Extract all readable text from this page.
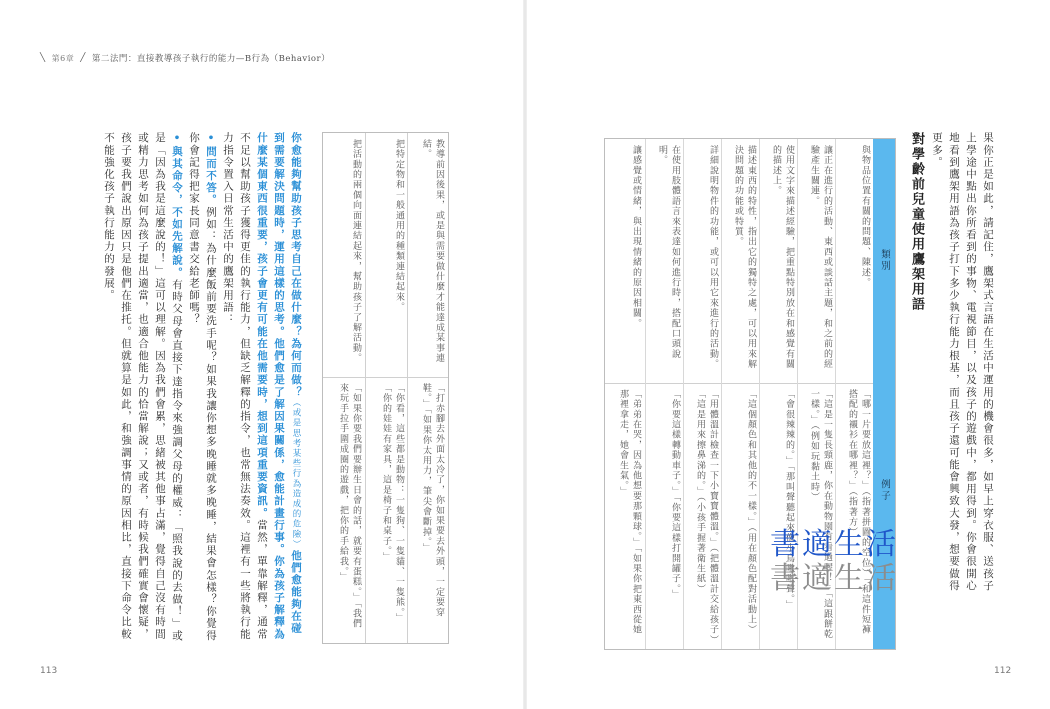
╲ 第6章 ╱ 第二法門：直接教導孩子執行的能力—B行為（Behavior）

你愈能夠幫助孩子思考自己在做什麼？為何而做？（或是思考某些行為造成的危險）他們愈能夠在碰到需要解決問題時，運用這樣的思考。他們愈是了解因果關係，愈能計畫行事。你為孩子解釋為什麼某個東西很重要，孩子會更有可能在他需要時，想到這項重要資訊。當然，單靠解釋，通常不足以幫助孩子獲得更佳的執行能力，但缺乏解釋的指令，也常無法奏效。這裡有一些將執行能力指令置入日常生活中的鷹架用語：

•問而不答。例如：為什麼飯前要洗手呢？如果我讓你想多晚睡就多晚睡，結果會怎樣？你覺得你會記得把家長同意書交給老師嗎？

•與其命令，不如先解說。有時父母會直接下達指令來強調父母的權威：「照我說的去做！」或是「因為我是這麼說的！」這可以理解。因為我們會累，思緒被其他事占滿，覺得自己沒有時間或精力思考如何為孩子提出適當，也適合他能力的恰當解說；又或者，有時候我們確實會懷疑，孩子要我們說出原因只是他們在推托。但就算是如此，和強調事情的原因相比，直接下命令比較不能強化孩子執行能力的發展。	教導前因後果，或是與需要做什麼才能達成某事連結。
「打赤腳去外面太冷了，你如果要去外頭，一定要穿鞋。」「如果你太用力，筆尖會斷掉。」
把特定物和一般通用的種類連結起來。
「你看，這些都是動物：一隻狗、一隻貓、一隻熊。」「你的娃娃有家具，這是椅子和桌子。」
把活動的兩個向面連結起來，幫助孩子了解活動。
「如果你要我們要辦生日會的話，就要有蛋糕。」「我們來玩手拉手圍成圈的遊戲，把你的手給我。」
113
果你正是如此，請記住，鷹架式言語在生活中運用的機會很多，如早上穿衣服、送孩子上學途中點出你所看到的事物、電視節目，以及孩子的遊戲中，都用得到。你會很開心地看到鷹架用語為孩子打下多少執行能力根基，而且孩子還可能會興致大發，想要做得更多。
對學齡前兒童使用鷹架用語
類別
例子
與物品位置有關的問題、陳述。
「哪一片要放這裡？」（指著拼圖的空位）「和這件短褲搭配的襯衫在哪裡？」（指著方）
讓正在進行的活動、東西或談話主題，和之前的經驗產生關連。
「這是一隻長頸鹿，你在動物園有看過喔！」「這跟餅乾一樣。」（例如玩黏土時）
使用文字來描述經驗，把重點特別放在和感覺有關的描述上。
「會很辣辣的。」「那叫聲聽起來像小鳥啾啾聲。」
描述東西的特性，指出它的獨特之處，可以用來解決問題的功能或特質。
「這個顏色和其他的不一樣。」（用在顏色配對活動上）
詳細說明物件的功能，或可以用它來進行的活動。
「用體溫計檢查一下小寶寶體溫。」（把體溫計交給孩子）「這是用來擦鼻涕的。」（小孩手握著衛生紙）
在使用肢體語言來表達如何進行時，搭配口頭說明。
「你要這樣轉動車子。」「你要這樣打開罐子。」
讓感覺或情緒，與出現情緒的原因相關。
「弟弟在哭，因為他想要那顆球。」「如果你把東西從她那裡拿走，她會生氣。」
書適生活
書適生活
112
